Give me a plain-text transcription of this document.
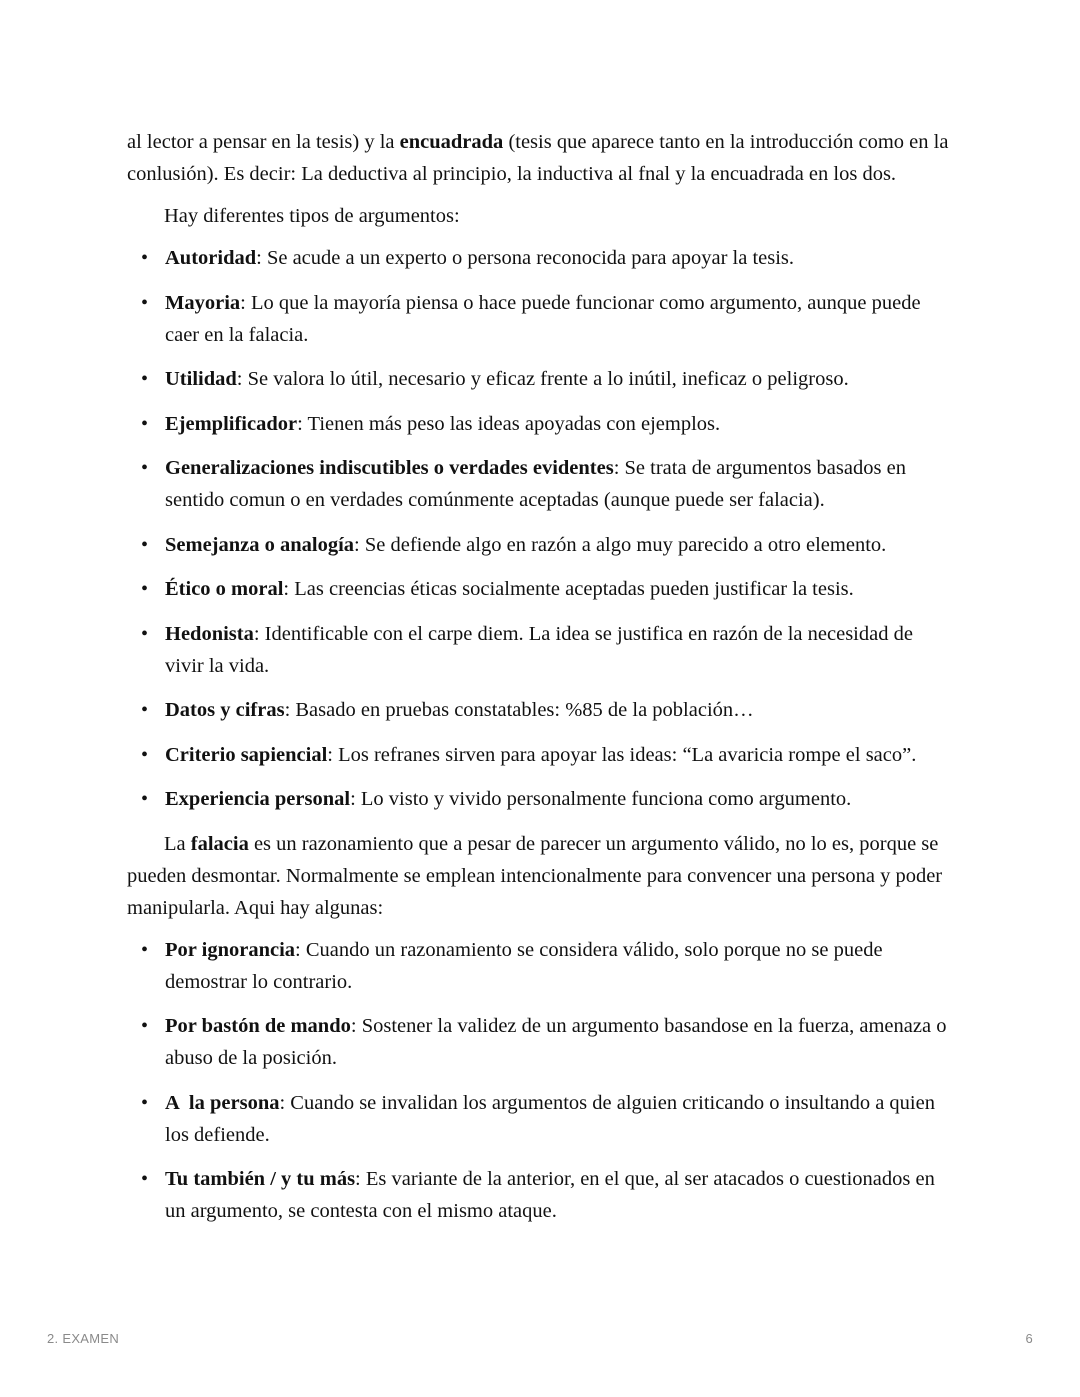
al lector a pensar en la tesis) y la encuadrada (tesis que aparece tanto en la introducción como en la conlusión). Es decir: La deductiva al principio, la inductiva al fnal y la encuadrada en los dos.

Hay diferentes tipos de argumentos:

• Autoridad: Se acude a un experto o persona reconocida para apoyar la tesis.
• Mayoria: Lo que la mayoría piensa o hace puede funcionar como argumento, aunque puede caer en la falacia.
• Utilidad: Se valora lo útil, necesario y eficaz frente a lo inútil, ineficaz o peligroso.
• Ejemplificador: Tienen más peso las ideas apoyadas con ejemplos.
• Generalizaciones indiscutibles o verdades evidentes: Se trata de argumentos basados en sentido comun o en verdades comúnmente aceptadas (aunque puede ser falacia).
• Semejanza o analogía: Se defiende algo en razón a algo muy parecido a otro elemento.
• Ético o moral: Las creencias éticas socialmente aceptadas pueden justificar la tesis.
• Hedonista: Identificable con el carpe diem. La idea se justifica en razón de la necesidad de vivir la vida.
• Datos y cifras: Basado en pruebas constatables: %85 de la población…
• Criterio sapiencial: Los refranes sirven para apoyar las ideas: “La avaricia rompe el saco”.
• Experiencia personal: Lo visto y vivido personalmente funciona como argumento.

La falacia es un razonamiento que a pesar de parecer un argumento válido, no lo es, porque se pueden desmontar. Normalmente se emplean intencionalmente para convencer una persona y poder manipularla. Aqui hay algunas:

• Por ignorancia: Cuando un razonamiento se considera válido, solo porque no se puede demostrar lo contrario.
• Por bastón de mando: Sostener la validez de un argumento basandose en la fuerza, amenaza o abuso de la posición.
• A  la persona: Cuando se invalidan los argumentos de alguien criticando o insultando a quien los defiende.
• Tu también / y tu más: Es variante de la anterior, en el que, al ser atacados o cuestionados en un argumento, se contesta con el mismo ataque.
2. EXAMEN	6
